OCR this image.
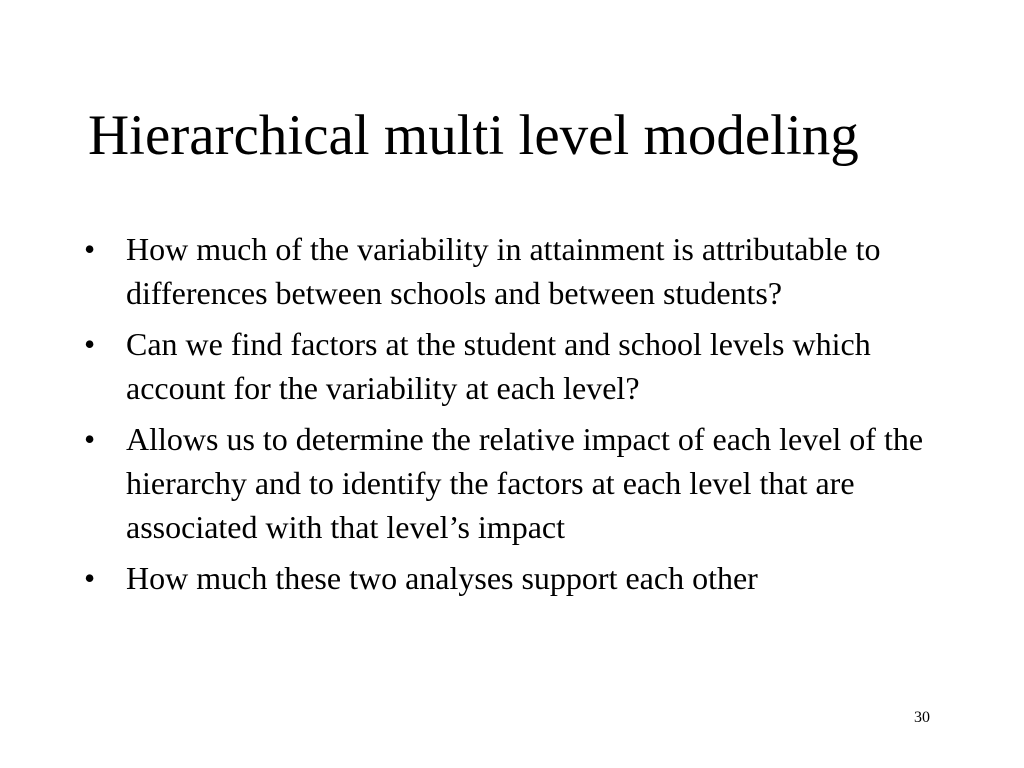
Hierarchical multi level modeling
• How much of the variability in attainment is attributable to differences between schools and between students?
• Can we find factors at the student and school levels which account for the variability at each level?
• Allows us to determine the relative impact of each level of the hierarchy and to identify the factors at each level that are associated with that level’s impact
• How much these two analyses support each other
30
